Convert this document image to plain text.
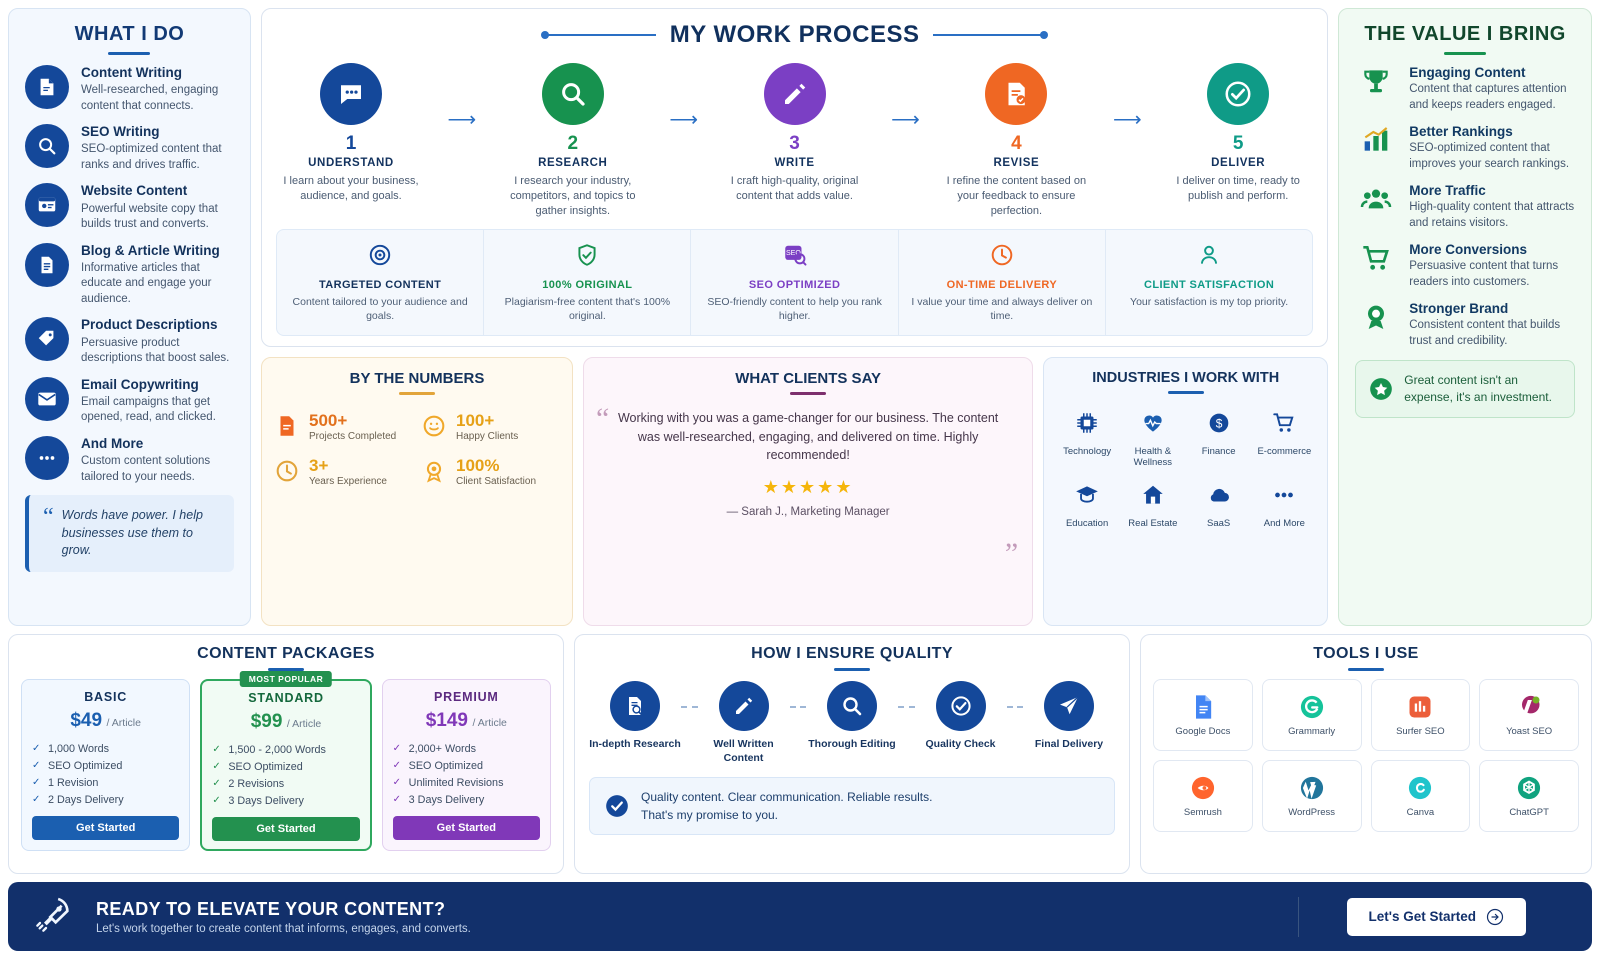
WHAT I DO
Content Writing
Well-researched, engaging content that connects.
SEO Writing
SEO-optimized content that ranks and drives traffic.
Website Content
Powerful website copy that builds trust and converts.
Blog & Article Writing
Informative articles that educate and engage your audience.
Product Descriptions
Persuasive product descriptions that boost sales.
Email Copywriting
Email campaigns that get opened, read, and clicked.
And More
Custom content solutions tailored to your needs.
“ Words have power. I help businesses use them to grow.
MY WORK PROCESS
1
UNDERSTAND
I learn about your business, audience, and goals.
⟶
2
RESEARCH
I research your industry, competitors, and topics to gather insights.
⟶
3
WRITE
I craft high-quality, original content that adds value.
⟶
4
REVISE
I refine the content based on your feedback to ensure perfection.
⟶
5
DELIVER
I deliver on time, ready to publish and perform.
TARGETED CONTENT
Content tailored to your audience and goals.
100% ORIGINAL
Plagiarism-free content that's 100% original.
SEO
SEO OPTIMIZED
SEO-friendly content to help you rank higher.
ON-TIME DELIVERY
I value your time and always deliver on time.
CLIENT SATISFACTION
Your satisfaction is my top priority.
BY THE NUMBERS
500+
Projects Completed
100+
Happy Clients
3+
Years Experience
100%
Client Satisfaction
WHAT CLIENTS SAY
“
”

Working with you was a game-changer for our business. The content was well-researched, engaging, and delivered on time. Highly recommended!

★★★★★
— Sarah J., Marketing Manager
INDUSTRIES I WORK WITH
Technology	Health & Wellness
$
Finance	E-commerce
Education	Real Estate	SaaS	And More
THE VALUE I BRING
Engaging Content
Content that captures attention and keeps readers engaged.
Better Rankings
SEO-optimized content that improves your search rankings.
More Traffic
High-quality content that attracts and retains visitors.
More Conversions
Persuasive content that turns readers into customers.
Stronger Brand
Consistent content that builds trust and credibility.
Great content isn't an expense, it's an investment.
CONTENT PACKAGES
BASIC
$49 / Article
✓ 1,000 Words
✓ SEO Optimized
✓ 1 Revision
✓ 2 Days Delivery
Get Started
MOST POPULAR
STANDARD
$99 / Article
✓ 1,500 - 2,000 Words
✓ SEO Optimized
✓ 2 Revisions
✓ 3 Days Delivery
Get Started
PREMIUM
$149 / Article
✓ 2,000+ Words
✓ SEO Optimized
✓ Unlimited Revisions
✓ 3 Days Delivery
Get Started
HOW I ENSURE QUALITY
In-depth Research	Well Written Content
Thorough Editing	Quality Check	Final Delivery

Quality content. Clear communication. Reliable results.
That's my promise to you.

TOOLS I USE
Google Docs	Grammarly	Surfer SEO	Yoast SEO
Semrush	WordPress	Canva	ChatGPT
READY TO ELEVATE YOUR CONTENT?

Let's work together to create content that informs, engages, and converts.

Let's Get Started
